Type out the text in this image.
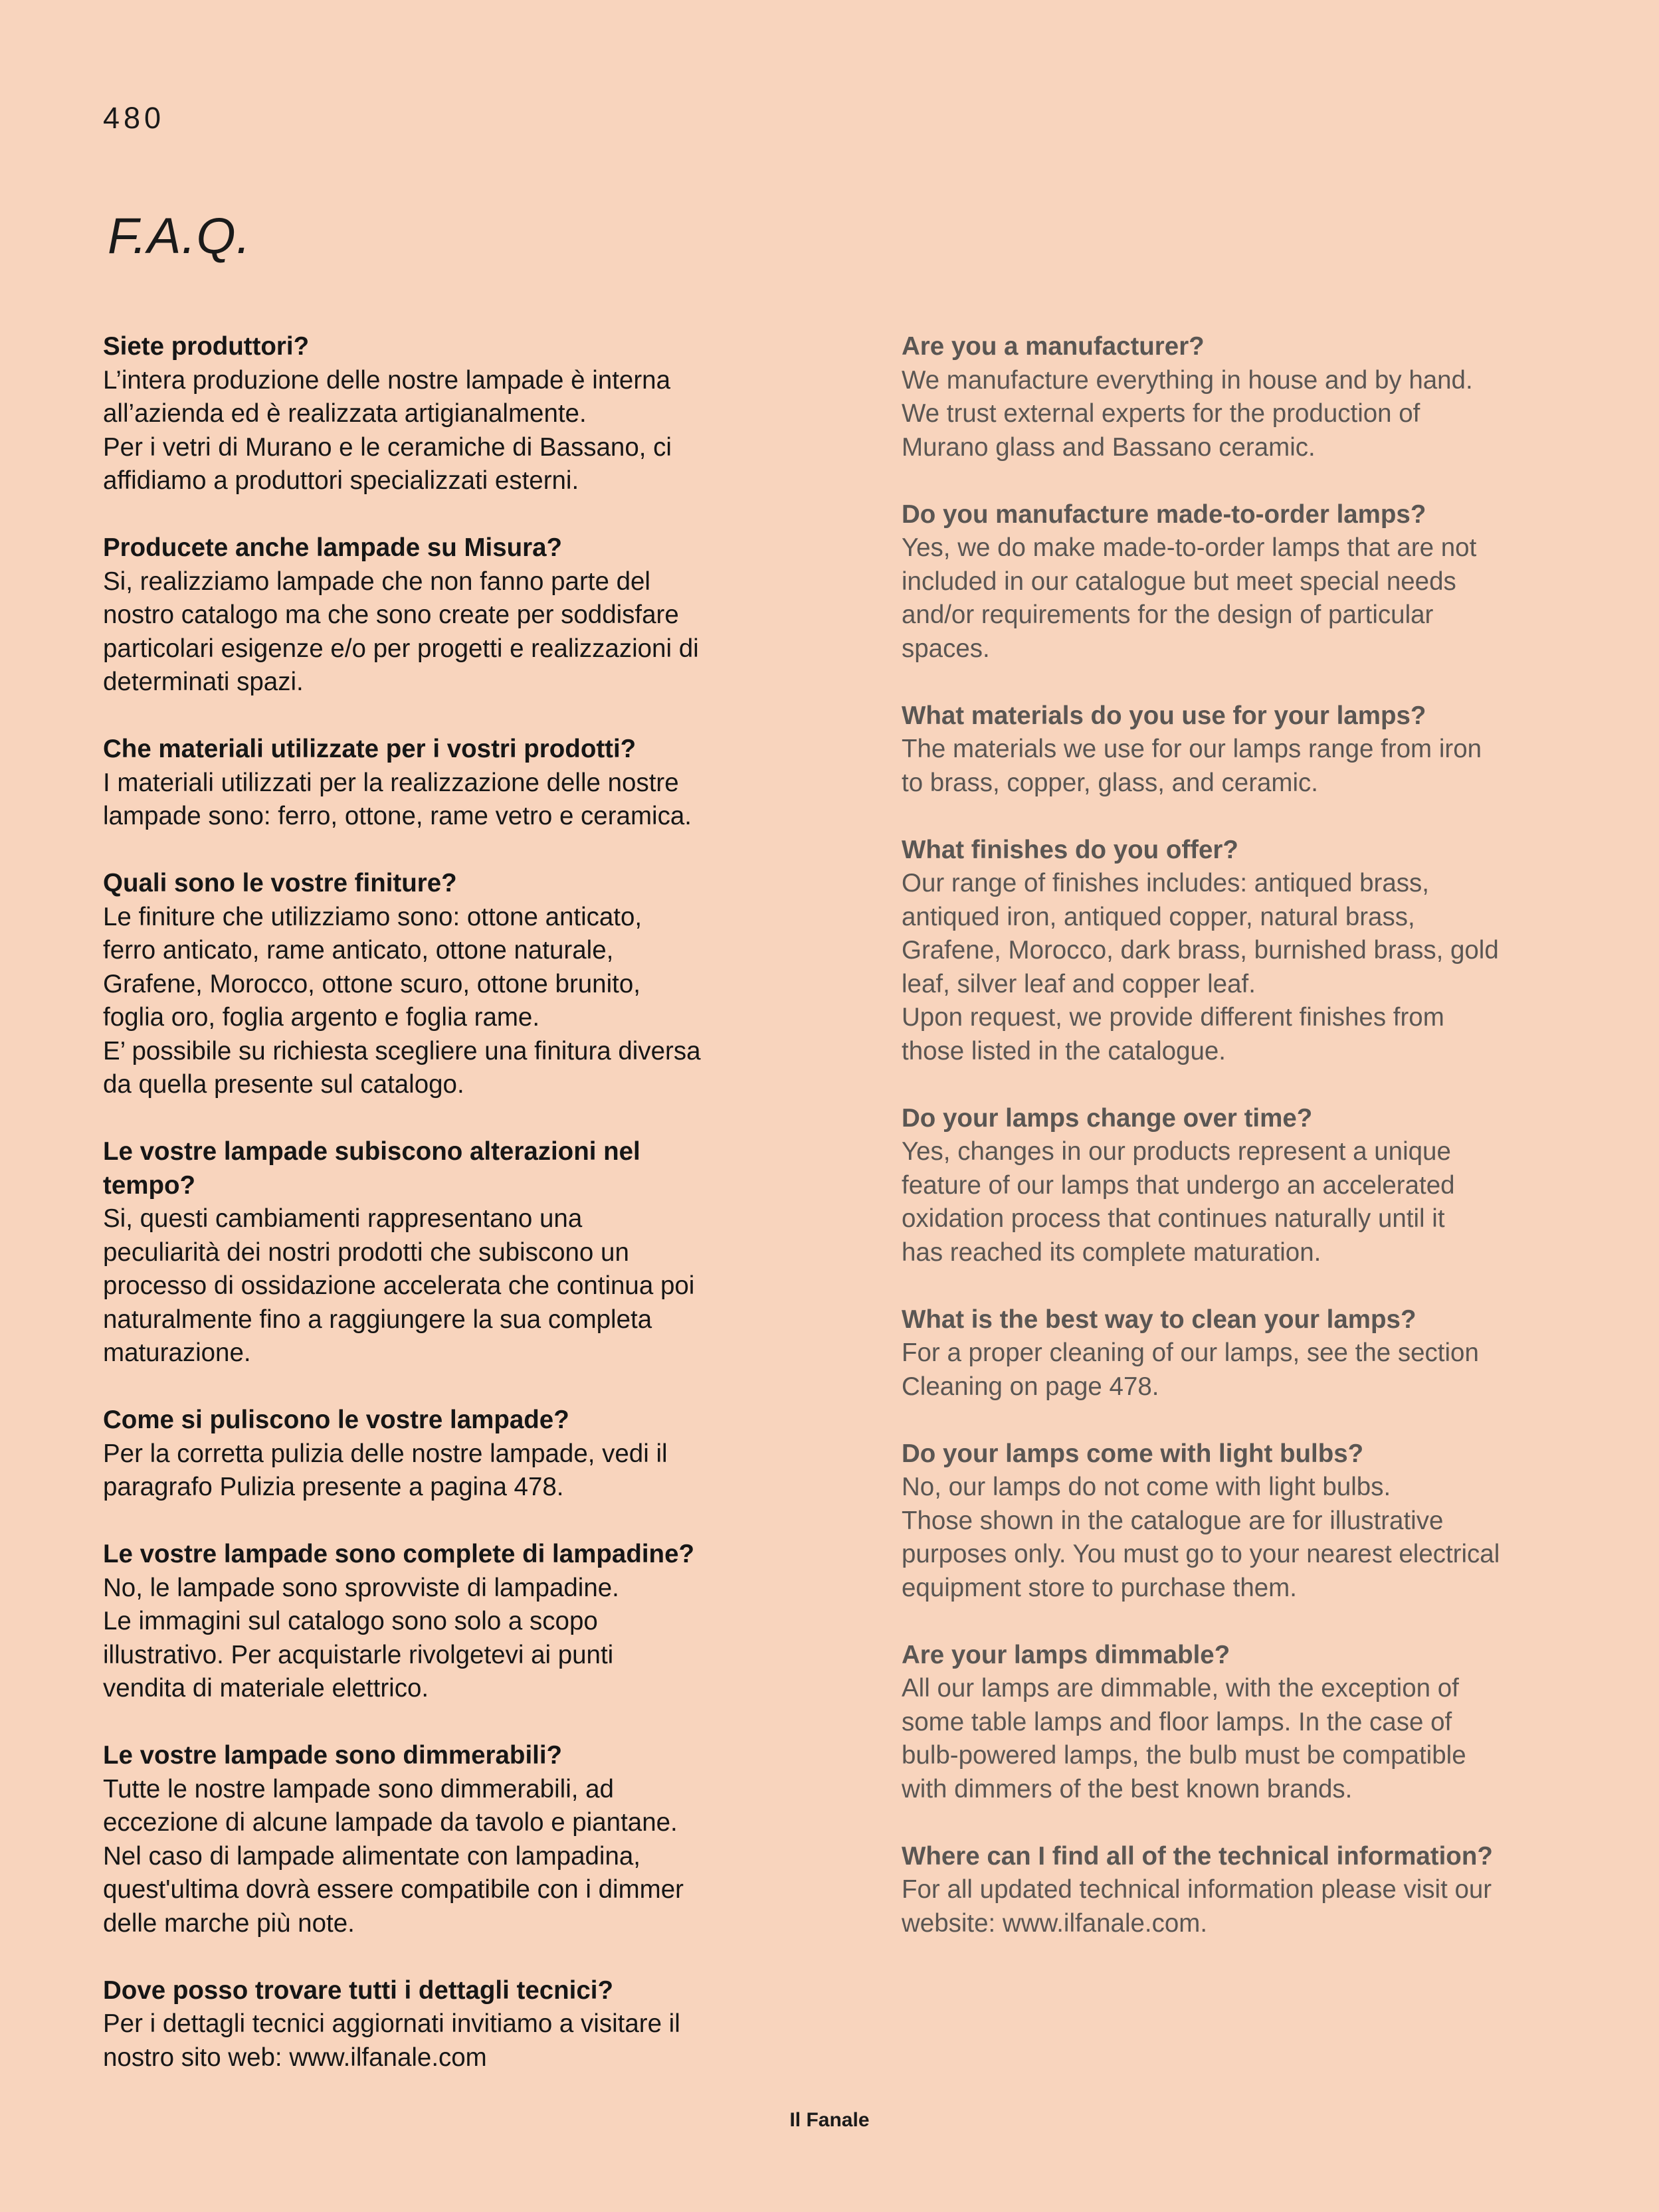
480
F.A.Q.
Siete produttori?
L’intera produzione delle nostre lampade è interna
all’azienda ed è realizzata artigianalmente.
Per i vetri di Murano e le ceramiche di Bassano, ci
affidiamo a produttori specializzati esterni.
Producete anche lampade su Misura?
Si, realizziamo lampade che non fanno parte del
nostro catalogo ma che sono create per soddisfare
particolari esigenze e/o per progetti e realizzazioni di
determinati spazi.
Che materiali utilizzate per i vostri prodotti?
I materiali utilizzati per la realizzazione delle nostre
lampade sono: ferro, ottone, rame vetro e ceramica.
Quali sono le vostre finiture?
Le finiture che utilizziamo sono: ottone anticato,
ferro anticato, rame anticato, ottone naturale,
Grafene, Morocco, ottone scuro, ottone brunito,
foglia oro, foglia argento e foglia rame.
E’ possibile su richiesta scegliere una finitura diversa
da quella presente sul catalogo.
Le vostre lampade subiscono alterazioni nel
tempo?
Si, questi cambiamenti rappresentano una
peculiarità dei nostri prodotti che subiscono un
processo di ossidazione accelerata che continua poi
naturalmente fino a raggiungere la sua completa
maturazione.
Come si puliscono le vostre lampade?
Per la corretta pulizia delle nostre lampade, vedi il
paragrafo Pulizia presente a pagina 478.
Le vostre lampade sono complete di lampadine?
No, le lampade sono sprovviste di lampadine.
Le immagini sul catalogo sono solo a scopo
illustrativo. Per acquistarle rivolgetevi ai punti
vendita di materiale elettrico.
Le vostre lampade sono dimmerabili?
Tutte le nostre lampade sono dimmerabili, ad
eccezione di alcune lampade da tavolo e piantane.
Nel caso di lampade alimentate con lampadina,
quest'ultima dovrà essere compatibile con i dimmer
delle marche più note.
Dove posso trovare tutti i dettagli tecnici?
Per i dettagli tecnici aggiornati invitiamo a visitare il
nostro sito web: www.ilfanale.com
Are you a manufacturer?
We manufacture everything in house and by hand.
We trust external experts for the production of
Murano glass and Bassano ceramic.
Do you manufacture made-to-order lamps?
Yes, we do make made-to-order lamps that are not
included in our catalogue but meet special needs
and/or requirements for the design of particular
spaces.
What materials do you use for your lamps?
The materials we use for our lamps range from iron
to brass, copper, glass, and ceramic.
What finishes do you offer?
Our range of finishes includes: antiqued brass,
antiqued iron, antiqued copper, natural brass,
Grafene, Morocco, dark brass, burnished brass, gold
leaf, silver leaf and copper leaf.
Upon request, we provide different finishes from
those listed in the catalogue.
Do your lamps change over time?
Yes, changes in our products represent a unique
feature of our lamps that undergo an accelerated
oxidation process that continues naturally until it
has reached its complete maturation.
What is the best way to clean your lamps?
For a proper cleaning of our lamps, see the section
Cleaning on page 478.
Do your lamps come with light bulbs?
No, our lamps do not come with light bulbs.
Those shown in the catalogue are for illustrative
purposes only. You must go to your nearest electrical
equipment store to purchase them.
Are your lamps dimmable?
All our lamps are dimmable, with the exception of
some table lamps and floor lamps. In the case of
bulb-powered lamps, the bulb must be compatible
with dimmers of the best known brands.
Where can I find all of the technical information?
For all updated technical information please visit our
website: www.ilfanale.com.
Il Fanale
